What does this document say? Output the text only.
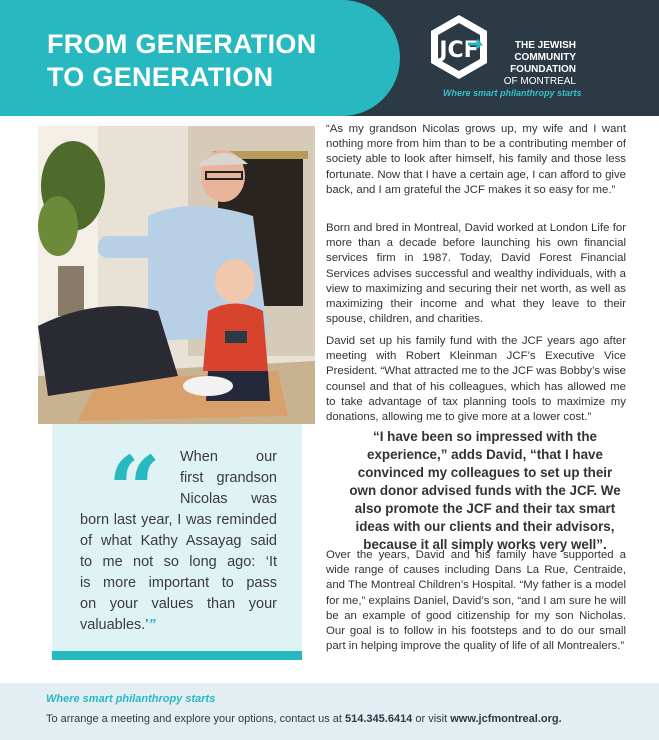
FROM GENERATION
TO GENERATION
JCF	THE JEWISH
COMMUNITY
FOUNDATION
OF MONTREAL
Where smart philanthropy starts
“ When our
first grandson
Nicolas was
born last year, I was reminded
of what Kathy Assayag said
to me not so long ago: ‘It
is more important to pass
on your values than your
valuables.’”

“As my grandson Nicolas grows up, my wife and I want nothing more from him than to be a contributing member of society able to look after himself, his family and those less fortunate. Now that I have a certain age, I can afford to give back, and I am grateful the JCF makes it so easy for me.”

Born and bred in Montreal, David worked at London Life for more than a decade before launching his own financial services firm in 1987. Today, David Forest Financial Services advises successful and wealthy individuals, with a view to maximizing and securing their net worth, as well as maximizing their income and what they leave to their spouse, children, and charities.

David set up his family fund with the JCF years ago after meeting with Robert Kleinman JCF’s Executive Vice President. “What attracted me to the JCF was Bobby’s wise counsel and that of his colleagues, which has allowed me to take advantage of tax planning tools to maximize my donations, allowing me to give more at a lower cost.”

“I have been so impressed with the experience,” adds David, “that I have convinced my colleagues to set up their own donor advised funds with the JCF. We also promote the JCF and their tax smart ideas with our clients and their advisors, because it all simply works very well”.

Over the years, David and his family have supported a wide range of causes including Dans La Rue, Centraide, and The Montreal Children’s Hospital. “My father is a model for me,” explains Daniel, David’s son, “and I am sure he will be an example of good citizenship for my son Nicholas. Our goal is to follow in his footsteps and to do our small part in helping improve the quality of life of all Montrealers.”

Where smart philanthropy starts
To arrange a meeting and explore your options, contact us at 514.345.6414 or visit www.jcfmontreal.org.
